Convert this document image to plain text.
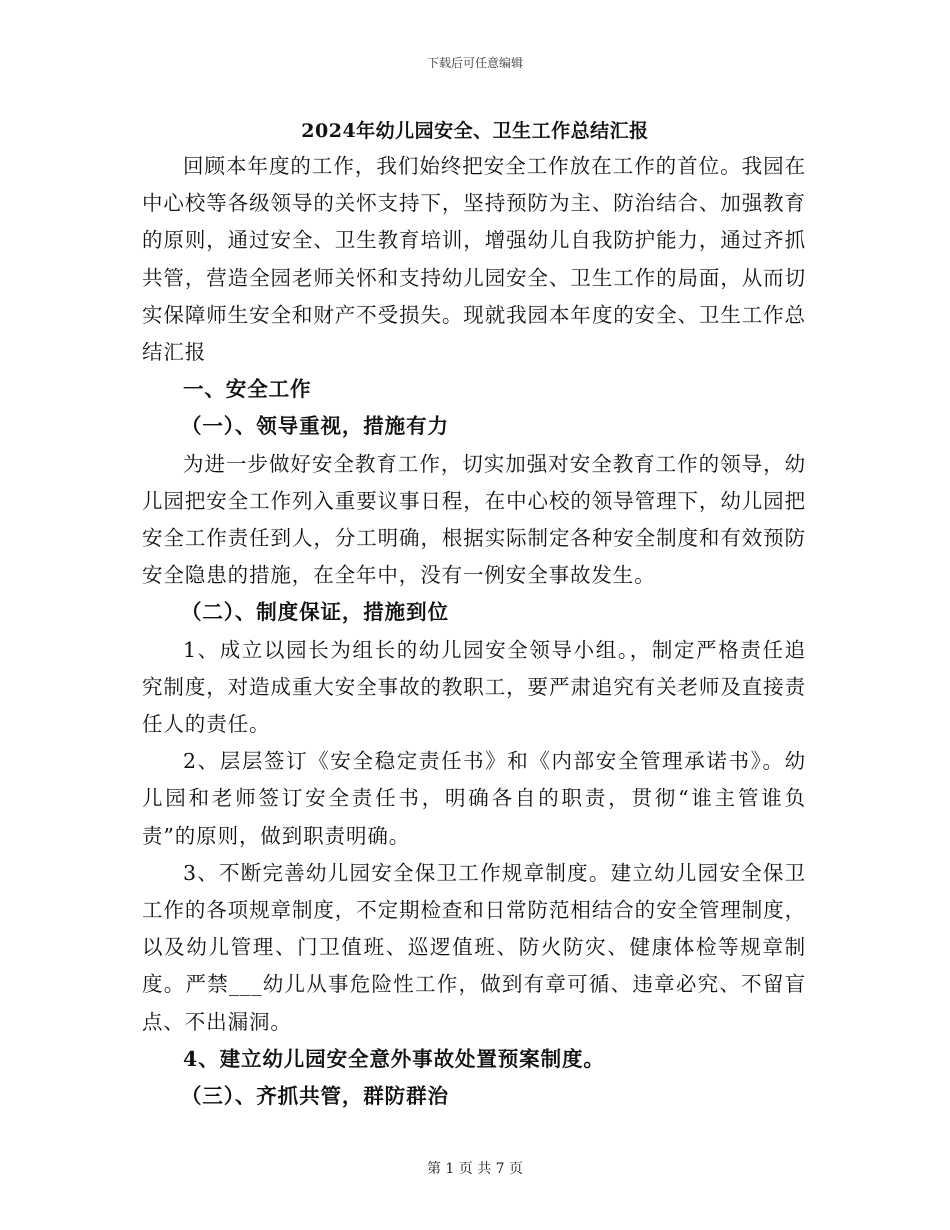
下载后可任意编辑
2024年幼儿园安全、卫生工作总结汇报

回顾本年度的工作，我们始终把安全工作放在工作的首位。我园在中心校等各级领导的关怀支持下，坚持预防为主、防治结合、加强教育的原则，通过安全、卫生教育培训，增强幼儿自我防护能力，通过齐抓共管，营造全园老师关怀和支持幼儿园安全、卫生工作的局面，从而切实保障师生安全和财产不受损失。现就我园本年度的安全、卫生工作总结汇报

一、安全工作

（一）、领导重视，措施有力

为进一步做好安全教育工作，切实加强对安全教育工作的领导，幼儿园把安全工作列入重要议事日程，在中心校的领导管理下，幼儿园把安全工作责任到人，分工明确，根据实际制定各种安全制度和有效预防安全隐患的措施，在全年中，没有一例安全事故发生。

（二）、制度保证，措施到位

1、成立以园长为组长的幼儿园安全领导小组。，制定严格责任追究制度，对造成重大安全事故的教职工，要严肃追究有关老师及直接责任人的责任。

2、层层签订《安全稳定责任书》和《内部安全管理承诺书》。幼儿园和老师签订安全责任书，明确各自的职责，贯彻“谁主管谁负责”的原则，做到职责明确。

3、不断完善幼儿园安全保卫工作规章制度。建立幼儿园安全保卫工作的各项规章制度，不定期检查和日常防范相结合的安全管理制度，以及幼儿管理、门卫值班、巡逻值班、防火防灾、健康体检等规章制度。严禁___幼儿从事危险性工作，做到有章可循、违章必究、不留盲点、不出漏洞。

4、建立幼儿园安全意外事故处置预案制度。

（三）、齐抓共管，群防群治

第 1 页 共 7 页
